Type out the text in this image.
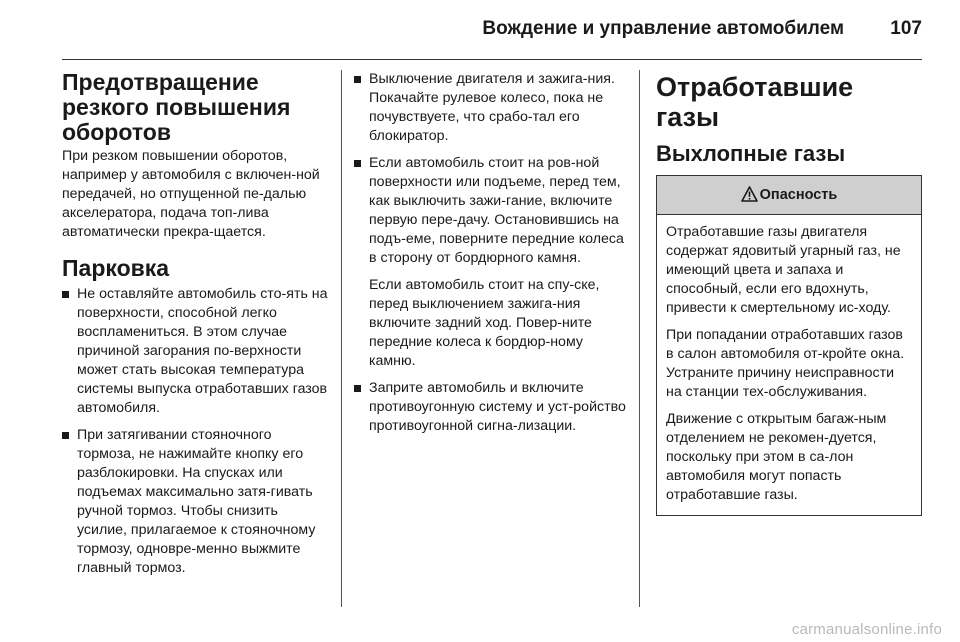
Вождение и управление автомобилем 107
Предотвращение резкого повышения оборотов

При резком повышении оборотов, например у автомобиля с включен-ной передачей, но отпущенной пе-далью акселератора, подача топ-лива автоматически прекра-щается.

Парковка
Не оставляйте автомобиль сто-ять на поверхности, способной легко воспламениться. В этом случае причиной загорания по-верхности может стать высокая температура системы выпуска отработавших газов автомобиля.
При затягивании стояночного тормоза, не нажимайте кнопку его разблокировки. На спусках или подъемах максимально затя-гивать ручной тормоз. Чтобы снизить усилие, прилагаемое к стояночному тормозу, одновре-менно выжмите главный тормоз.
Выключение двигателя и зажига-ния. Покачайте рулевое колесо, пока не почувствуете, что срабо-тал его блокиратор.
Если автомобиль стоит на ров-ной поверхности или подъеме, перед тем, как выключить зажи-гание, включите первую пере-дачу. Остановившись на подъ-еме, поверните передние колеса в сторону от бордюрного камня.

Если автомобиль стоит на спу-ске, перед выключением зажига-ния включите задний ход. Повер-ните передние колеса к бордюр-ному камню.

Заприте автомобиль и включите противоугонную систему и уст-ройство противоугонной сигна-лизации.
Отработавшие газы
Выхлопные газы
Опасность

Отработавшие газы двигателя содержат ядовитый угарный газ, не имеющий цвета и запаха и способный, если его вдохнуть, привести к смертельному ис-ходу.

При попадании отработавших газов в салон автомобиля от-кройте окна. Устраните причину неисправности на станции тех-обслуживания.

Движение с открытым багаж-ным отделением не рекомен-дуется, поскольку при этом в са-лон автомобиля могут попасть отработавшие газы.

carmanualsonline.info
